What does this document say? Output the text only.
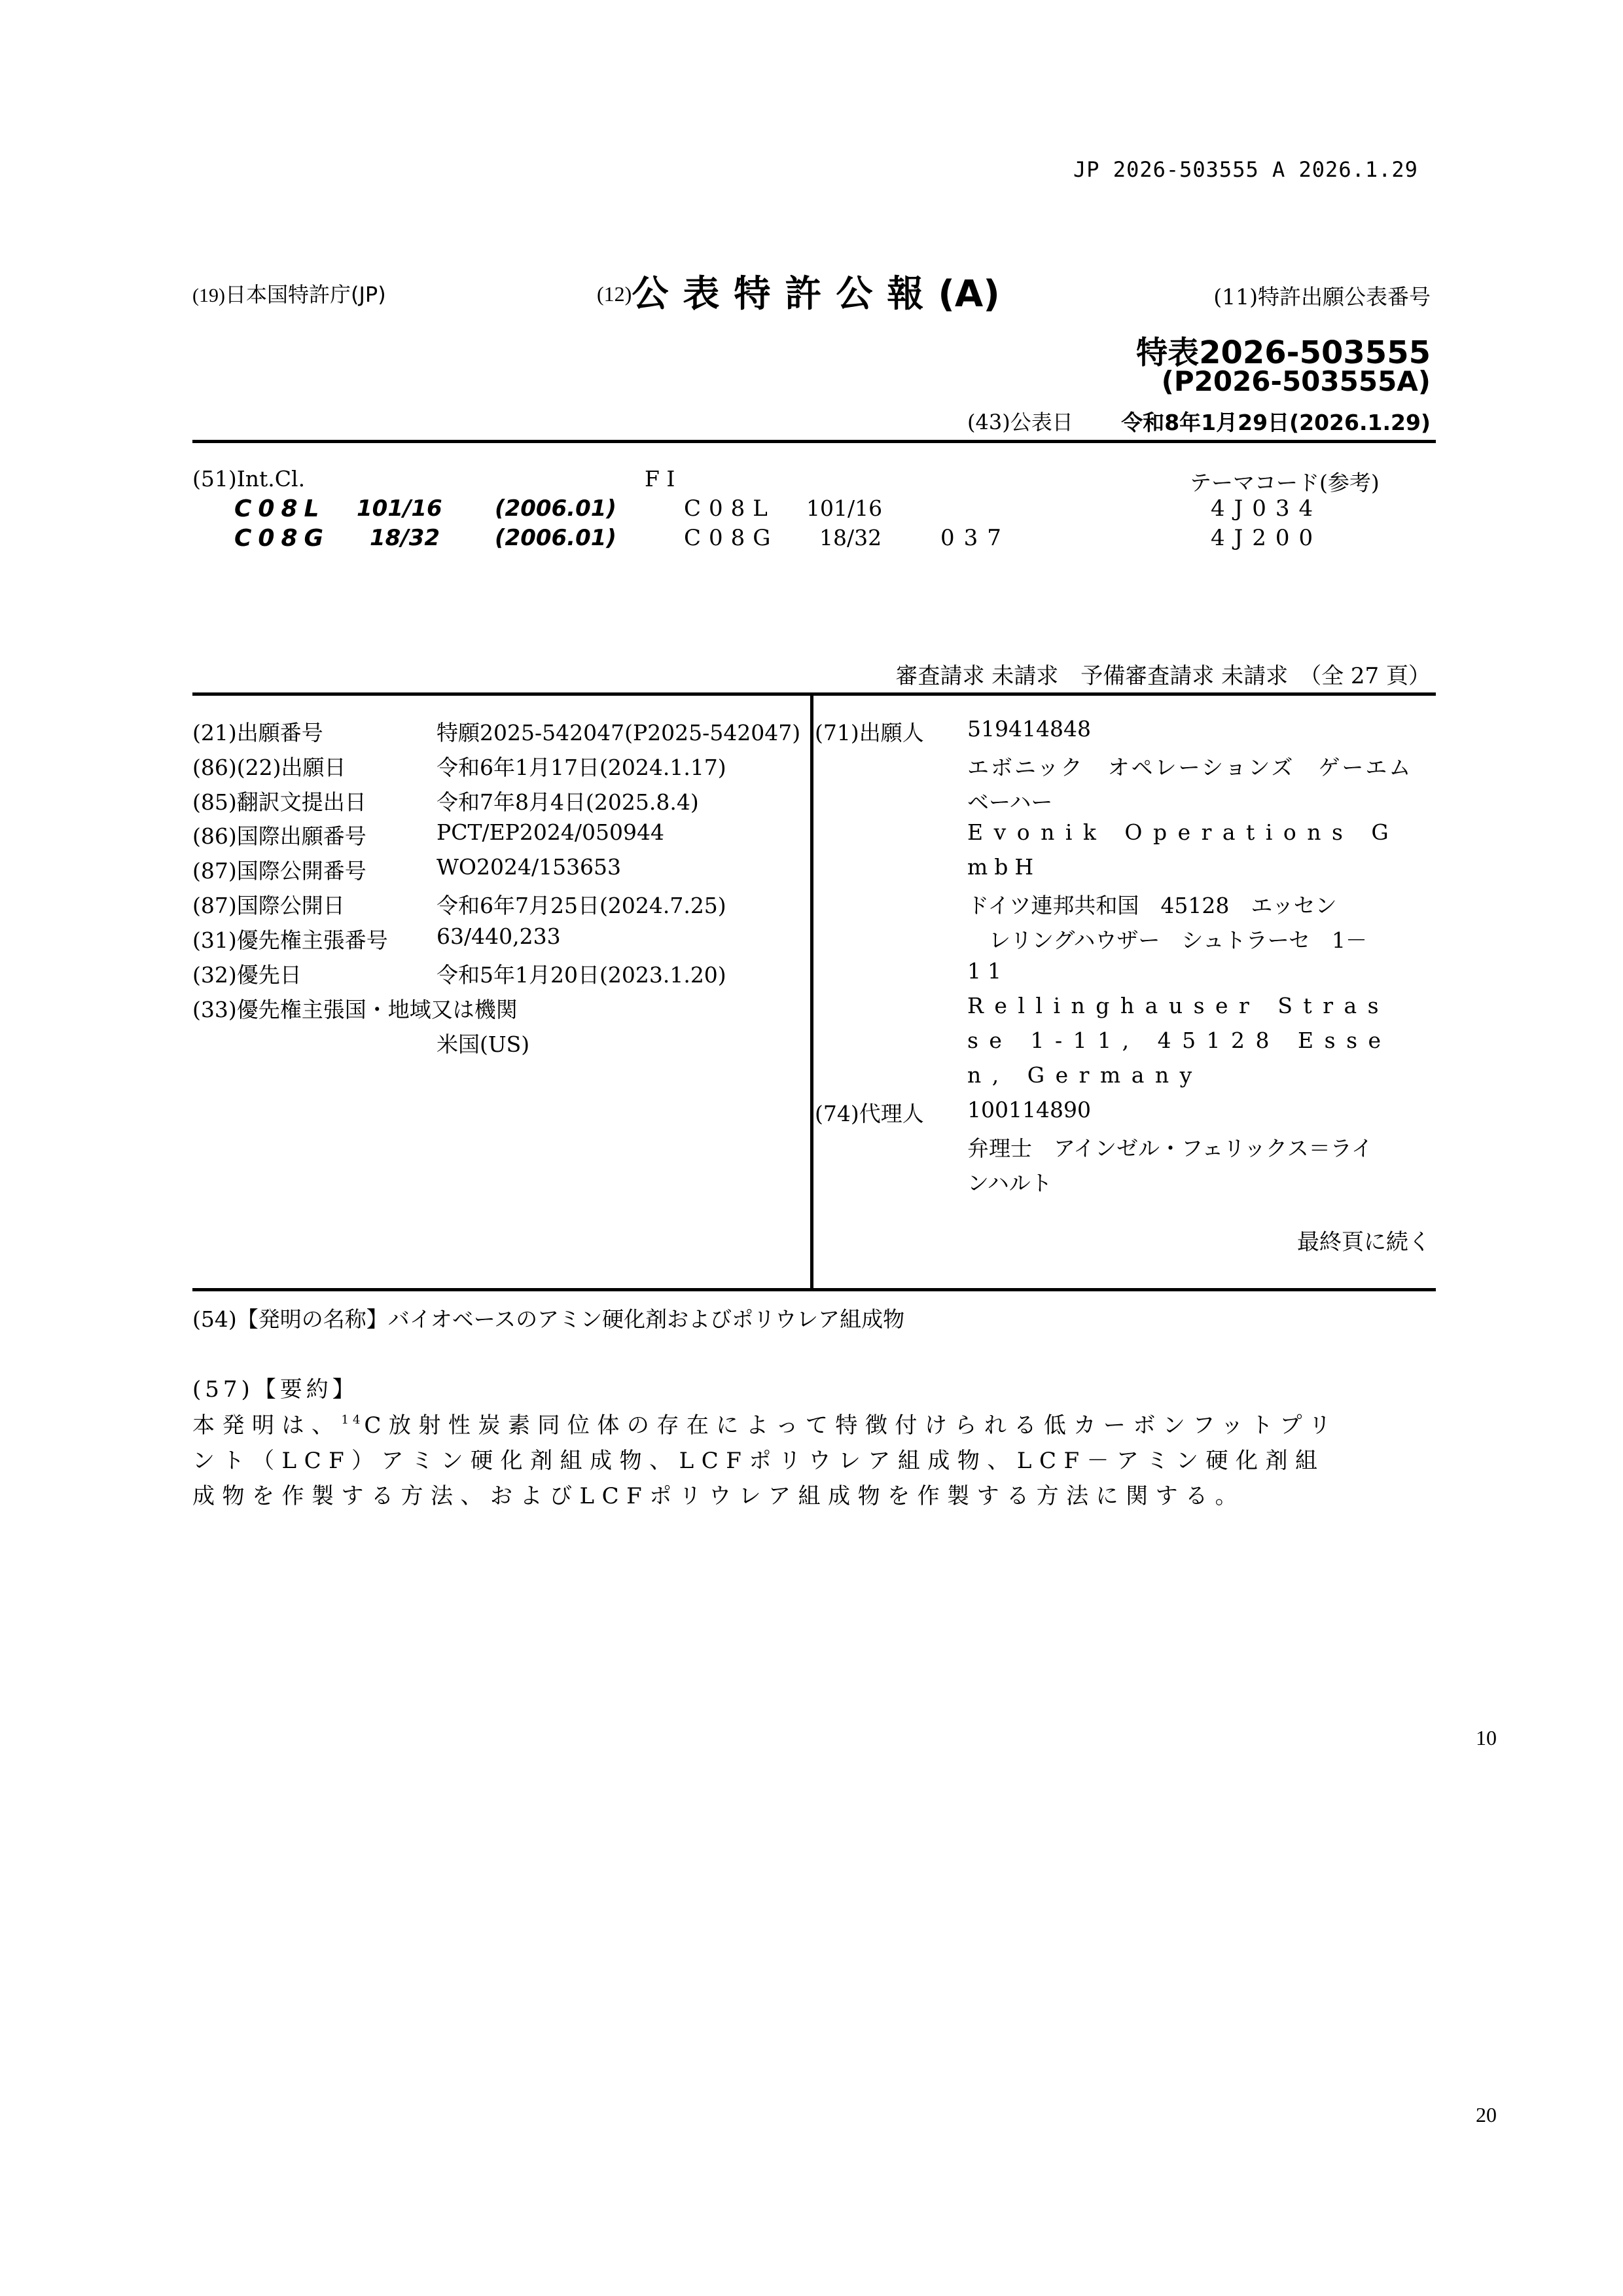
JP 2026-503555 A 2026.1.29
(19)日本国特許庁(JP)	(12)公表特許公報(A)	(11)特許出願公表番号
特表2026-503555
(P2026-503555A)
(43)公表日 令和8年1月29日(2026.1.29)
(51)Int.Cl.	F I	テーマコード(参考)
C08L 101/16 (2006.01)	C08L 101/16	4J034
C08G 18/32 (2006.01)	C08G 18/32	037	4J200
審査請求 未請求　予備審査請求 未請求　（全 27 頁）
(21)出願番号	特願2025-542047(P2025-542047)
(86)(22)出願日	令和6年1月17日(2024.1.17)
(85)翻訳文提出日	令和7年8月4日(2025.8.4)
(86)国際出願番号	PCT/EP2024/050944
(87)国際公開番号	WO2024/153653
(87)国際公開日	令和6年7月25日(2024.7.25)
(31)優先権主張番号 63/440,233
(32)優先日	令和5年1月20日(2023.1.20)
(33)優先権主張国・地域又は機関
米国(US)
(71)出願人 519414848
エボニック　オペレーションズ　ゲーエム
ベーハー
Evonik Operations G
mbH
ドイツ連邦共和国　45128　エッセン
　レリングハウザー　シュトラーセ　1－
11
Rellinghauser Stras
se 1-11, 45128 Esse
n, Germany
(74)代理人 100114890
弁理士　アインゼル・フェリックス＝ライ
ンハルト
最終頁に続く
(54)【発明の名称】バイオベースのアミン硬化剤およびポリウレア組成物
(57)【要約】
本発明は、$^{14}$C放射性炭素同位体の存在によって特徴付けられる低カーボンフットプリ
ント（LCF）アミン硬化剤組成物、LCFポリウレア組成物、LCF－アミン硬化剤組
成物を作製する方法、およびLCFポリウレア組成物を作製する方法に関する。
10
20
